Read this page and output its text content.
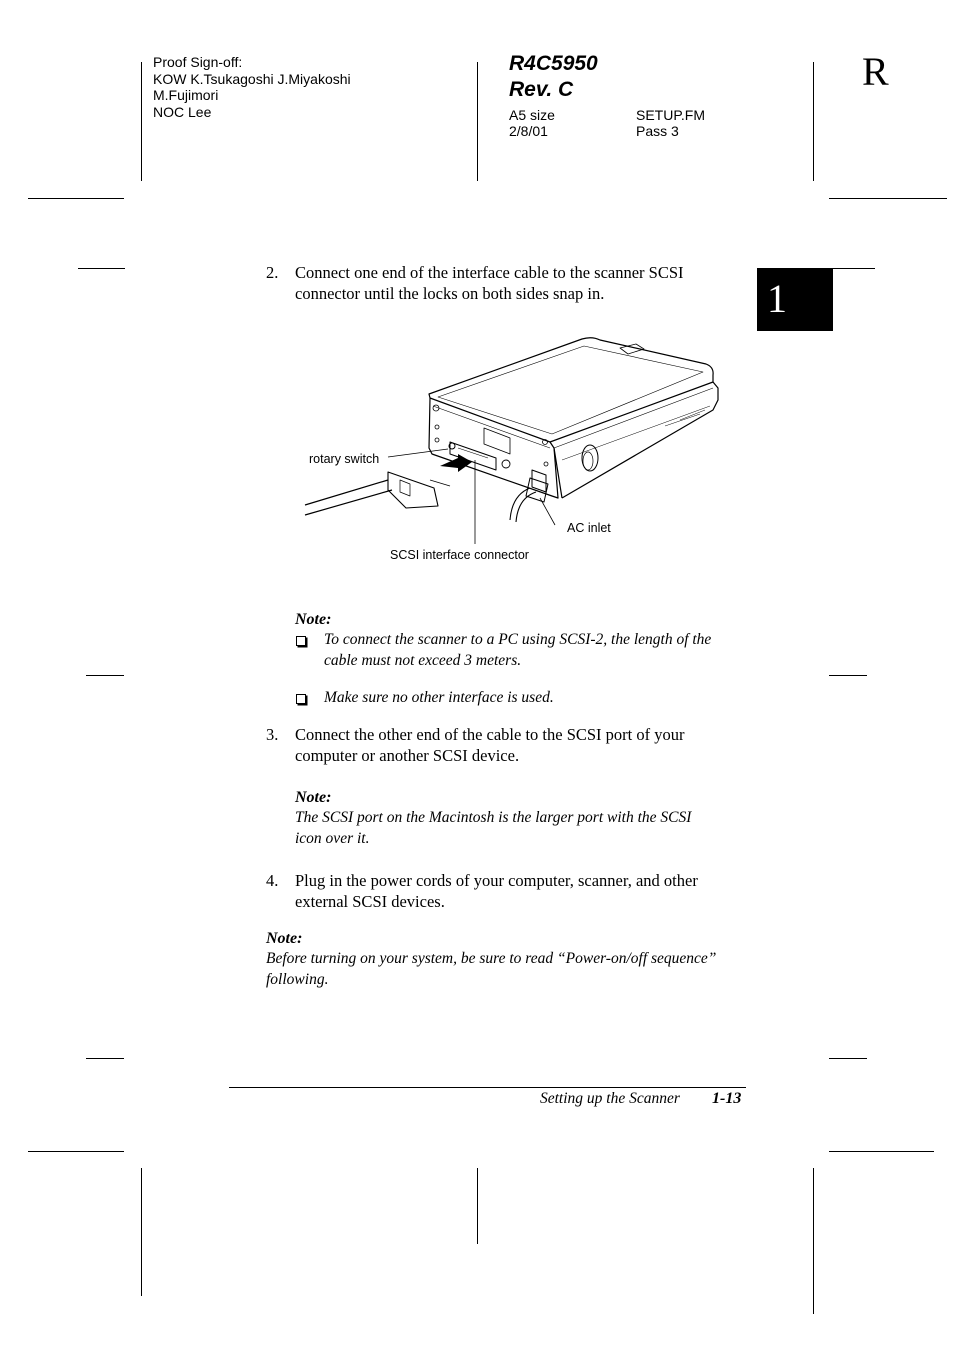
Proof Sign-off:
KOW K.Tsukagoshi J.Miyakoshi
M.Fujimori
NOC Lee
R4C5950
Rev. C
A5 size
2/8/01
SETUP.FM
Pass 3
R
1
2. Connect one end of the interface cable to the scanner SCSI
connector until the locks on both sides snap in.
rotary switch
AC inlet
SCSI interface connector
Note:
To connect the scanner to a PC using SCSI-2, the length of the
cable must not exceed 3 meters.
Make sure no other interface is used.
3. Connect the other end of the cable to the SCSI port of your
computer or another SCSI device.
Note:
The SCSI port on the Macintosh is the larger port with the SCSI
icon over it.
4. Plug in the power cords of your computer, scanner, and other
external SCSI devices.
Note:
Before turning on your system, be sure to read “Power-on/off sequence”
following.
Setting up the Scanner 1-13
